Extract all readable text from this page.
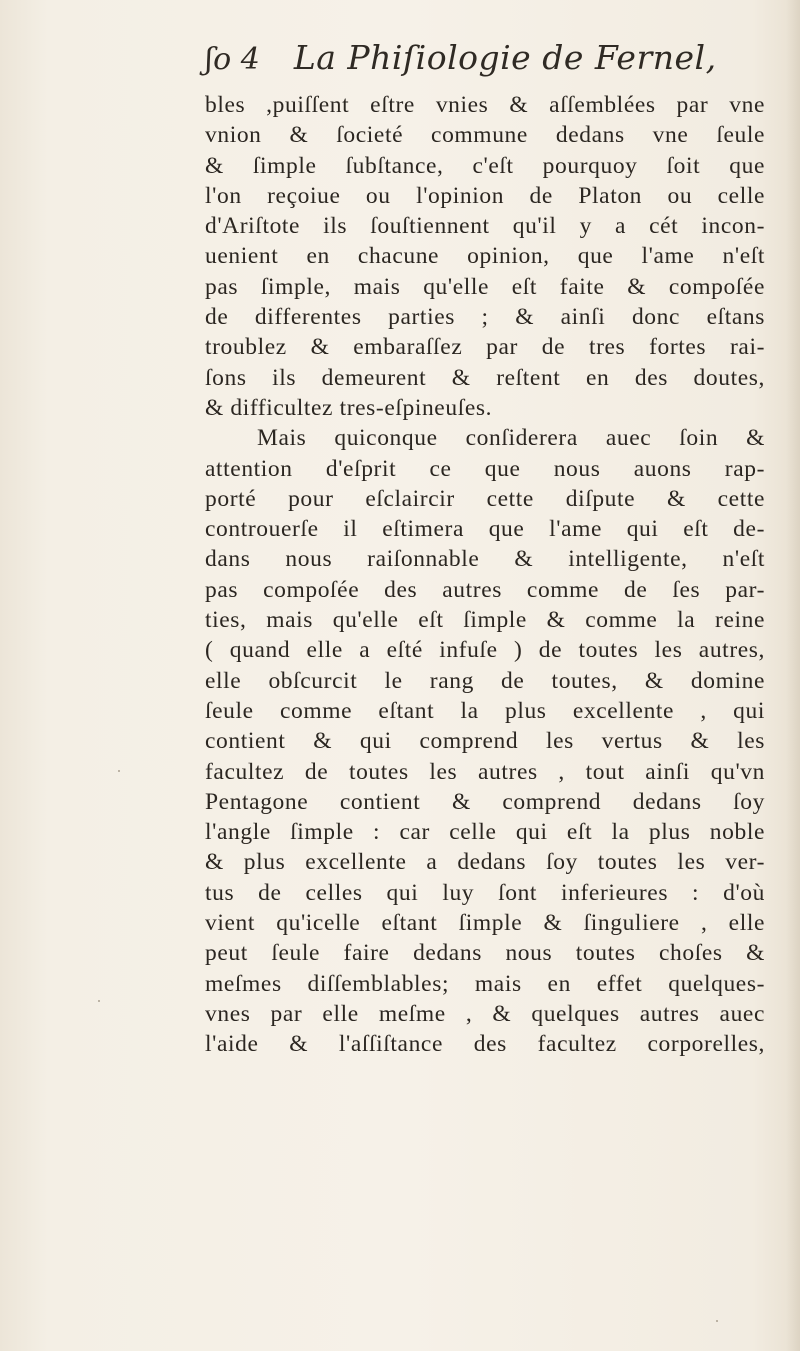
ʃo 4 La Phiſiologie de Fernel,
bles ,puiſſent eſtre vnies & aſſemblées par vne
vnion & ſocieté commune dedans vne ſeule
& ſimple ſubſtance, c'eſt pourquoy ſoit que
l'on reçoiue ou l'opinion de Platon ou celle
d'Ariſtote ils ſouſtiennent qu'il y a cét incon-
uenient en chacune opinion, que l'ame n'eſt
pas ſimple, mais qu'elle eſt faite & compoſée
de differentes parties ; & ainſi donc eſtans
troublez & embaraſſez par de tres fortes rai-
ſons ils demeurent & reſtent en des doutes,
& difficultez tres-eſpineuſes.
Mais quiconque conſiderera auec ſoin &
attention d'eſprit ce que nous auons rap-
porté pour eſclaircir cette diſpute & cette
controuerſe il eſtimera que l'ame qui eſt de-
dans nous raiſonnable & intelligente, n'eſt
pas compoſée des autres comme de ſes par-
ties, mais qu'elle eſt ſimple & comme la reine
( quand elle a eſté infuſe ) de toutes les autres,
elle obſcurcit le rang de toutes, & domine
ſeule comme eſtant la plus excellente , qui
contient & qui comprend les vertus & les
facultez de toutes les autres , tout ainſi qu'vn
Pentagone contient & comprend dedans ſoy
l'angle ſimple : car celle qui eſt la plus noble
& plus excellente a dedans ſoy toutes les ver-
tus de celles qui luy ſont inferieures : d'où
vient qu'icelle eſtant ſimple & ſinguliere , elle
peut ſeule faire dedans nous toutes choſes &
meſmes diſſemblables; mais en effet quelques-
vnes par elle meſme , & quelques autres auec
l'aide & l'aſſiſtance des facultez corporelles,
